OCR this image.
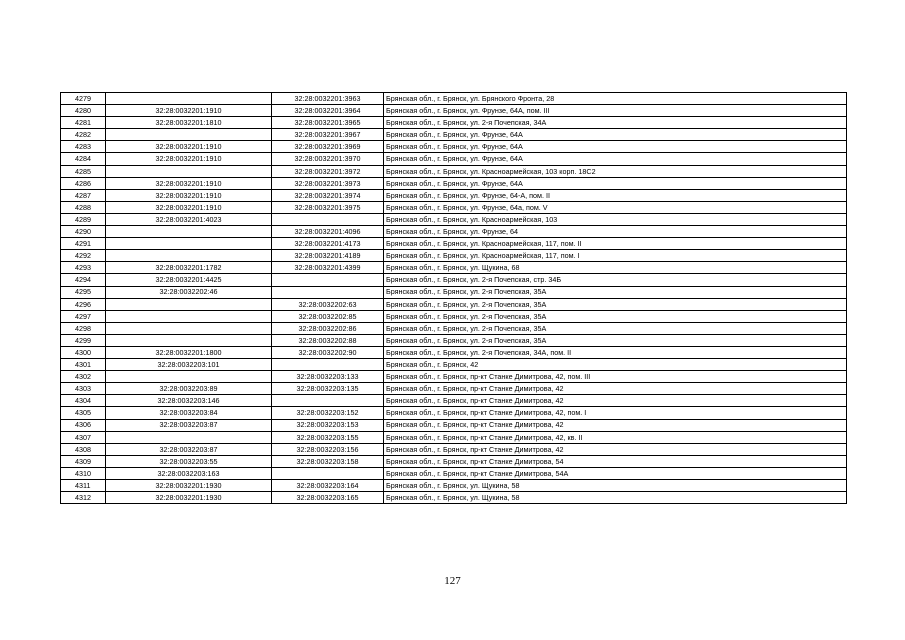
4279		32:28:0032201:3963	Брянская обл., г. Брянск, ул. Брянского Фронта, 28
4280	32:28:0032201:1910	32:28:0032201:3964	Брянская обл., г. Брянск, ул. Фрунзе, 64А, пом. III
4281	32:28:0032201:1810	32:28:0032201:3965	Брянская обл., г. Брянск, ул. 2-я Почепская, 34А
4282		32:28:0032201:3967	Брянская обл., г. Брянск, ул. Фрунзе, 64А
4283	32:28:0032201:1910	32:28:0032201:3969	Брянская обл., г. Брянск, ул. Фрунзе, 64А
4284	32:28:0032201:1910	32:28:0032201:3970	Брянская обл., г. Брянск, ул. Фрунзе, 64А
4285		32:28:0032201:3972	Брянская обл., г. Брянск, ул. Красноармейская, 103 корп. 18С2
4286	32:28:0032201:1910	32:28:0032201:3973	Брянская обл., г. Брянск, ул. Фрунзе, 64А
4287	32:28:0032201:1910	32:28:0032201:3974	Брянская обл., г. Брянск, ул. Фрунзе, 64-А, пом. II
4288	32:28:0032201:1910	32:28:0032201:3975	Брянская обл., г. Брянск, ул. Фрунзе, 64а, пом. V
4289	32:28:0032201:4023		Брянская обл., г. Брянск, ул. Красноармейская, 103
4290		32:28:0032201:4096	Брянская обл., г. Брянск, ул. Фрунзе, 64
4291		32:28:0032201:4173	Брянская обл., г. Брянск, ул. Красноармейская, 117, пом. II
4292		32:28:0032201:4189	Брянская обл., г. Брянск, ул. Красноармейская, 117, пом. I
4293	32:28:0032201:1782	32:28:0032201:4399	Брянская обл., г. Брянск, ул. Щукина, 68
4294	32:28:0032201:4425		Брянская обл., г. Брянск, ул. 2-я Почепская, стр. 34Б
4295	32:28:0032202:46		Брянская обл., г. Брянск, ул. 2-я Почепская, 35А
4296		32:28:0032202:63	Брянская обл., г. Брянск, ул. 2-я Почепская, 35А
4297		32:28:0032202:85	Брянская обл., г. Брянск, ул. 2-я Почепская, 35А
4298		32:28:0032202:86	Брянская обл., г. Брянск, ул. 2-я Почепская, 35А
4299		32:28:0032202:88	Брянская обл., г. Брянск, ул. 2-я Почепская, 35А
4300	32:28:0032201:1800	32:28:0032202:90	Брянская обл., г. Брянск, ул. 2-я Почепская, 34А, пом. II
4301	32:28:0032203:101		Брянская обл., г. Брянск, 42
4302		32:28:0032203:133	Брянская обл., г. Брянск, пр-кт Станке Димитрова, 42, пом. III
4303	32:28:0032203:89	32:28:0032203:135	Брянская обл., г. Брянск, пр-кт Станке Димитрова, 42
4304	32:28:0032203:146		Брянская обл., г. Брянск, пр-кт Станке Димитрова, 42
4305	32:28:0032203:84	32:28:0032203:152	Брянская обл., г. Брянск, пр-кт Станке Димитрова, 42, пом. I
4306	32:28:0032203:87	32:28:0032203:153	Брянская обл., г. Брянск, пр-кт Станке Димитрова, 42
4307		32:28:0032203:155	Брянская обл., г. Брянск, пр-кт Станке Димитрова, 42, кв. II
4308	32:28:0032203:87	32:28:0032203:156	Брянская обл., г. Брянск, пр-кт Станке Димитрова, 42
4309	32:28:0032203:55	32:28:0032203:158	Брянская обл., г. Брянск, пр-кт Станке Димитрова, 54
4310	32:28:0032203:163		Брянская обл., г. Брянск, пр-кт Станке Димитрова, 54А
4311	32:28:0032201:1930	32:28:0032203:164	Брянская обл., г. Брянск, ул. Щукина, 58
4312	32:28:0032201:1930	32:28:0032203:165	Брянская обл., г. Брянск, ул. Щукина, 58
127
